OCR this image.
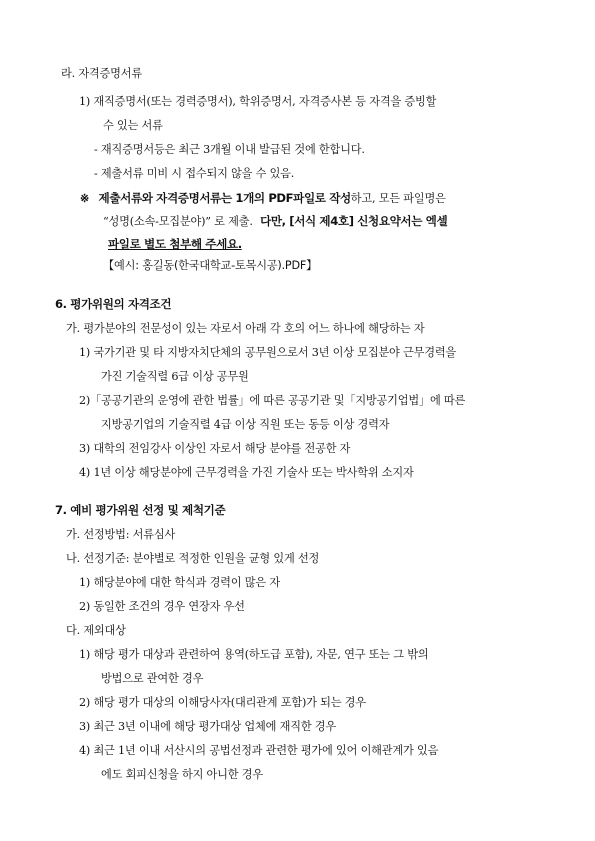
라. 자격증명서류
1) 재직증명서(또는 경력증명서), 학위증명서, 자격증사본 등 자격을 증빙할
수 있는 서류
- 재직증명서등은 최근 3개월 이내 발급된 것에 한합니다.
- 제출서류 미비 시 접수되지 않을 수 있음.
※ 제출서류와 자격증명서류는 1개의 PDF파일로 작성하고, 모든 파일명은
“성명(소속-모집분야)” 로 제출. 다만, [서식 제4호] 신청요약서는 엑셀
파일로 별도 첨부해 주세요.
【예시: 홍길동(한국대학교-토목시공).PDF】
6. 평가위원의 자격조건
가. 평가분야의 전문성이 있는 자로서 아래 각 호의 어느 하나에 해당하는 자
1) 국가기관 및 타 지방자치단체의 공무원으로서 3년 이상 모집분야 근무경력을
가진 기술직렬 6급 이상 공무원
2)「공공기관의 운영에 관한 법률」에 따른 공공기관 및「지방공기업법」에 따른
지방공기업의 기술직렬 4급 이상 직원 또는 동등 이상 경력자
3) 대학의 전임강사 이상인 자로서 해당 분야를 전공한 자
4) 1년 이상 해당분야에 근무경력을 가진 기술사 또는 박사학위 소지자
7. 예비 평가위원 선정 및 제척기준
가. 선정방법: 서류심사
나. 선정기준: 분야별로 적정한 인원을 균형 있게 선정
1) 해당분야에 대한 학식과 경력이 많은 자
2) 동일한 조건의 경우 연장자 우선
다. 제외대상
1) 해당 평가 대상과 관련하여 용역(하도급 포함), 자문, 연구 또는 그 밖의
방법으로 관여한 경우
2) 해당 평가 대상의 이해당사자(대리관계 포함)가 되는 경우
3) 최근 3년 이내에 해당 평가대상 업체에 재직한 경우
4) 최근 1년 이내 서산시의 공법선정과 관련한 평가에 있어 이해관계가 있음
에도 회피신청을 하지 아니한 경우
